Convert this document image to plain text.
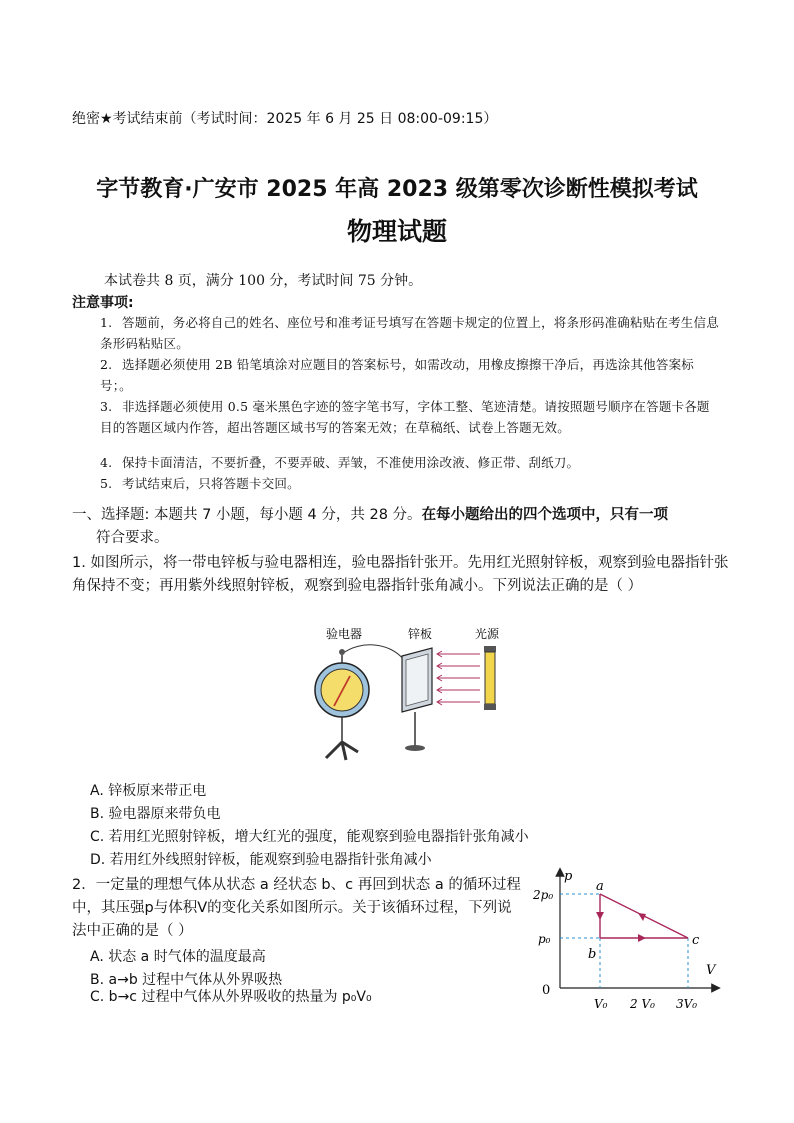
绝密★考试结束前（考试时间：2025 年 6 月 25 日 08:00-09:15）
字节教育·广安市 2025 年高 2023 级第零次诊断性模拟考试
物理试题
本试卷共 8 页，满分 100 分，考试时间 75 分钟。
注意事项:
1. 答题前，务必将自己的姓名、座位号和准考证号填写在答题卡规定的位置上，将条形码准确粘贴在考生信息条形码粘贴区。
2. 选择题必须使用 2B 铅笔填涂对应题目的答案标号，如需改动，用橡皮擦擦干净后，再选涂其他答案标号；。
3. 非选择题必须使用 0.5 毫米黑色字迹的签字笔书写，字体工整、笔迹清楚。请按照题号顺序在答题卡各题目的答题区域内作答，超出答题区域书写的答案无效；在草稿纸、试卷上答题无效。
4. 保持卡面清洁，不要折叠，不要弄破、弄皱，不准使用涂改液、修正带、刮纸刀。
5. 考试结束后，只将答题卡交回。
一、选择题: 本题共 7 小题，每小题 4 分，共 28 分。在每小题给出的四个选项中，只有一项
符合要求。
1. 如图所示，将一带电锌板与验电器相连，验电器指针张开。先用红光照射锌板，观察到验电器指针张角保持不变；再用紫外线照射锌板，观察到验电器指针张角减小。下列说法正确的是（ ）
验电器	锌板	光源
A. 锌板原来带正电
B. 验电器原来带负电
C. 若用红光照射锌板，增大红光的强度，能观察到验电器指针张角减小
D. 若用红外线照射锌板，能观察到验电器指针张角减小
2．一定量的理想气体从状态 a 经状态 b、c 再回到状态 a 的循环过程中，其压强p与体积V的变化关系如图所示。关于该循环过程，下列说法中正确的是（ ）
A. 状态 a 时气体的温度最高
B. a→b 过程中气体从外界吸热
C. b→c 过程中气体从外界吸收的热量为 p₀V₀
p
V
0
2p₀
p₀
V₀ 2 V₀ 3V₀
a
b
c
